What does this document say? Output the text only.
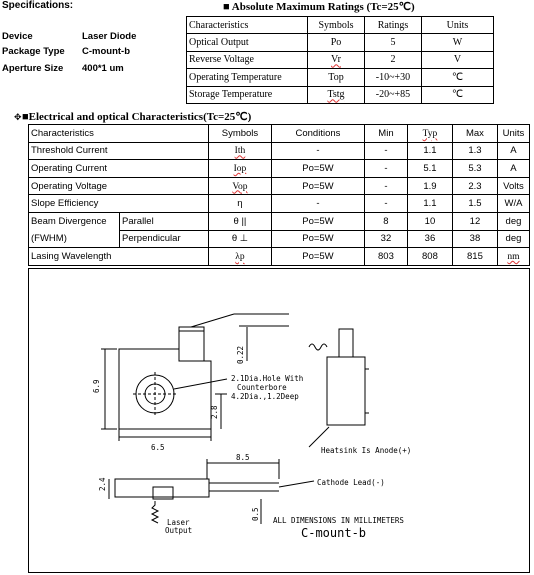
Specifications:
Device	Laser Diode
Package Type C-mount-b
Aperture Size 400*1 um
■ Absolute Maximum Ratings (Tc=25℃)
Characteristics	Symbols	Ratings	Units
Optical Output	Po	5	W
Reverse Voltage	Vr	2	V
Operating Temperature	Top	-10~+30	℃
Storage Temperature	Tstg	-20~+85	℃
✥ ■Electrical and optical Characteristics(Tc=25℃)
Characteristics		Symbols	Conditions	Min	Typ	Max	Units
Threshold Current		Ith	-	-	1.1	1.3	A
Operating Current		Iop	Po=5W	-	5.1	5.3	A
Operating Voltage		Vop	Po=5W	-	1.9	2.3	Volts
Slope Efficiency		η	-	-	1.1	1.5	W/A

Beam Divergence
(FWHM)	Parallel	θ ||	Po=5W	8	10	12	deg
	Perpendicular	θ ⊥	Po=5W	32	36	38	deg
Lasing Wavelength		λp	Po=5W	803	808	815	nm
6.9
6.5
2.8
0.22
2.1Dia.Hole With
Counterbore
4.2Dia.,1.2Deep
Heatsink Is Anode(+)
8.5
2.4	Cathode Lead(-)
Laser
Output
0.5 ALL DIMENSIONS IN MILLIMETERS
C-mount-b
